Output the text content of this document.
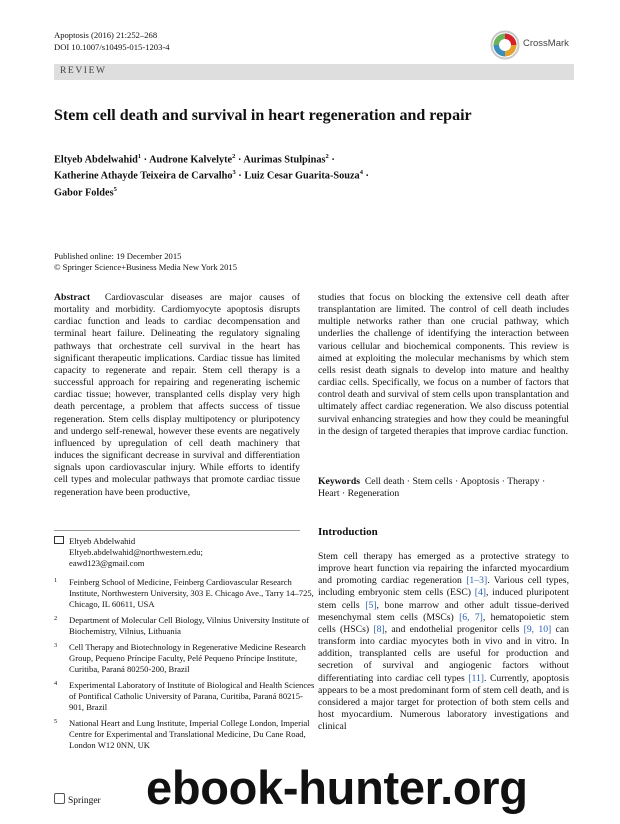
Apoptosis (2016) 21:252–268
DOI 10.1007/s10495-015-1203-4	CrossMark
REVIEW
Stem cell death and survival in heart regeneration and repair
Eltyeb Abdelwahid$^1$ · Audrone Kalvelyte$^2$ · Aurimas Stulpinas$^2$ ·
Katherine Athayde Teixeira de Carvalho$^3$ · Luiz Cesar Guarita-Souza$^4$ ·
Gabor Foldes$^5$
Published online: 19 December 2015
© Springer Science+Business Media New York 2015

Abstract Cardiovascular diseases are major causes of mortality and morbidity. Cardiomyocyte apoptosis disrupts cardiac function and leads to cardiac decompensation and terminal heart failure. Delineating the regulatory signaling pathways that orchestrate cell survival in the heart has significant therapeutic implications. Cardiac tissue has limited capacity to regenerate and repair. Stem cell therapy is a successful approach for repairing and regenerating ischemic cardiac tissue; however, transplanted cells display very high death percentage, a problem that affects success of tissue regeneration. Stem cells display multipotency or pluripotency and undergo self-renewal, however these events are negatively influenced by upregulation of cell death machinery that induces the significant decrease in survival and differentiation signals upon cardiovascular injury. While efforts to identify cell types and molecular pathways that promote cardiac tissue regeneration have been productive,

studies that focus on blocking the extensive cell death after transplantation are limited. The control of cell death includes multiple networks rather than one crucial pathway, which underlies the challenge of identifying the interaction between various cellular and biochemical components. This review is aimed at exploiting the molecular mechanisms by which stem cells resist death signals to develop into mature and healthy cardiac cells. Specifically, we focus on a number of factors that control death and survival of stem cells upon transplantation and ultimately affect cardiac regeneration. We also discuss potential survival enhancing strategies and how they could be meaningful in the design of targeted therapies that improve cardiac function.

Keywords Cell death · Stem cells · Apoptosis · Therapy · Heart · Regeneration
Introduction

Stem cell therapy has emerged as a protective strategy to improve heart function via repairing the infarcted myocardium and promoting cardiac regeneration [1–3]. Various cell types, including embryonic stem cells (ESC) [4], induced pluripotent stem cells [5], bone marrow and other adult tissue-derived mesenchymal stem cells (MSCs) [6, 7], hematopoietic stem cells (HSCs) [8], and endothelial progenitor cells [9, 10] can transform into cardiac myocytes both in vivo and in vitro. In addition, transplanted cells are useful for production and secretion of survival and angiogenic factors without differentiating into cardiac cell types [11]. Currently, apoptosis appears to be a most predominant form of stem cell death, and is considered a major target for protection of both stem cells and host myocardium. Numerous laboratory investigations and clinical

Eltyeb Abdelwahid
Eltyeb.abdelwahid@northwestern.edu;
eawd123@gmail.com
1 Feinberg School of Medicine, Feinberg Cardiovascular Research Institute, Northwestern University, 303 E. Chicago Ave., Tarry 14–725, Chicago, IL 60611, USA
2 Department of Molecular Cell Biology, Vilnius University Institute of Biochemistry, Vilnius, Lithuania
3 Cell Therapy and Biotechnology in Regenerative Medicine Research Group, Pequeno Príncipe Faculty, Pelé Pequeno Príncipe Institute, Curitiba, Paraná 80250-200, Brazil
4 Experimental Laboratory of Institute of Biological and Health Sciences of Pontifical Catholic University of Parana, Curitiba, Paraná 80215-901, Brazil
5 National Heart and Lung Institute, Imperial College London, Imperial Centre for Experimental and Translational Medicine, Du Cane Road, London W12 0NN, UK
Springer ebook-hunter.org
